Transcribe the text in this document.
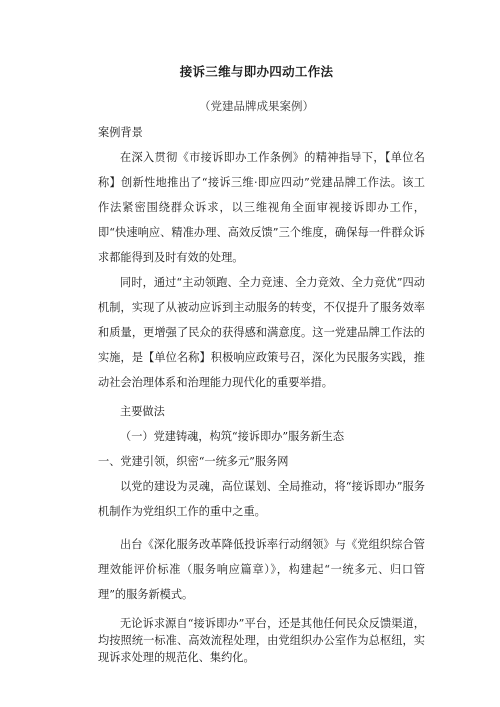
接诉三维与即办四动工作法
（党建品牌成果案例）

案例背景

在深入贯彻《市接诉即办工作条例》的精神指导下，【单位名称】创新性地推出了“接诉三维·即应四动”党建品牌工作法。该工作法紧密围绕群众诉求，以三维视角全面审视接诉即办工作，即“快速响应、精准办理、高效反馈”三个维度，确保每一件群众诉求都能得到及时有效的处理。

同时，通过“主动领跑、全力竞速、全力竞效、全力竞优”四动机制，实现了从被动应诉到主动服务的转变，不仅提升了服务效率和质量，更增强了民众的获得感和满意度。这一党建品牌工作法的实施，是【单位名称】积极响应政策号召，深化为民服务实践，推动社会治理体系和治理能力现代化的重要举措。

主要做法

（一）党建铸魂，构筑“接诉即办”服务新生态

一、党建引领，织密“一统多元”服务网

以党的建设为灵魂，高位谋划、全局推动，将“接诉即办”服务机制作为党组织工作的重中之重。

出台《深化服务改革降低投诉率行动纲领》与《党组织综合管理效能评价标准（服务响应篇章）》，构建起“一统多元、归口管理”的服务新模式。

无论诉求源自“接诉即办”平台，还是其他任何民众反馈渠道，均按照统一标准、高效流程处理，由党组织办公室作为总枢纽，实现诉求处理的规范化、集约化。
